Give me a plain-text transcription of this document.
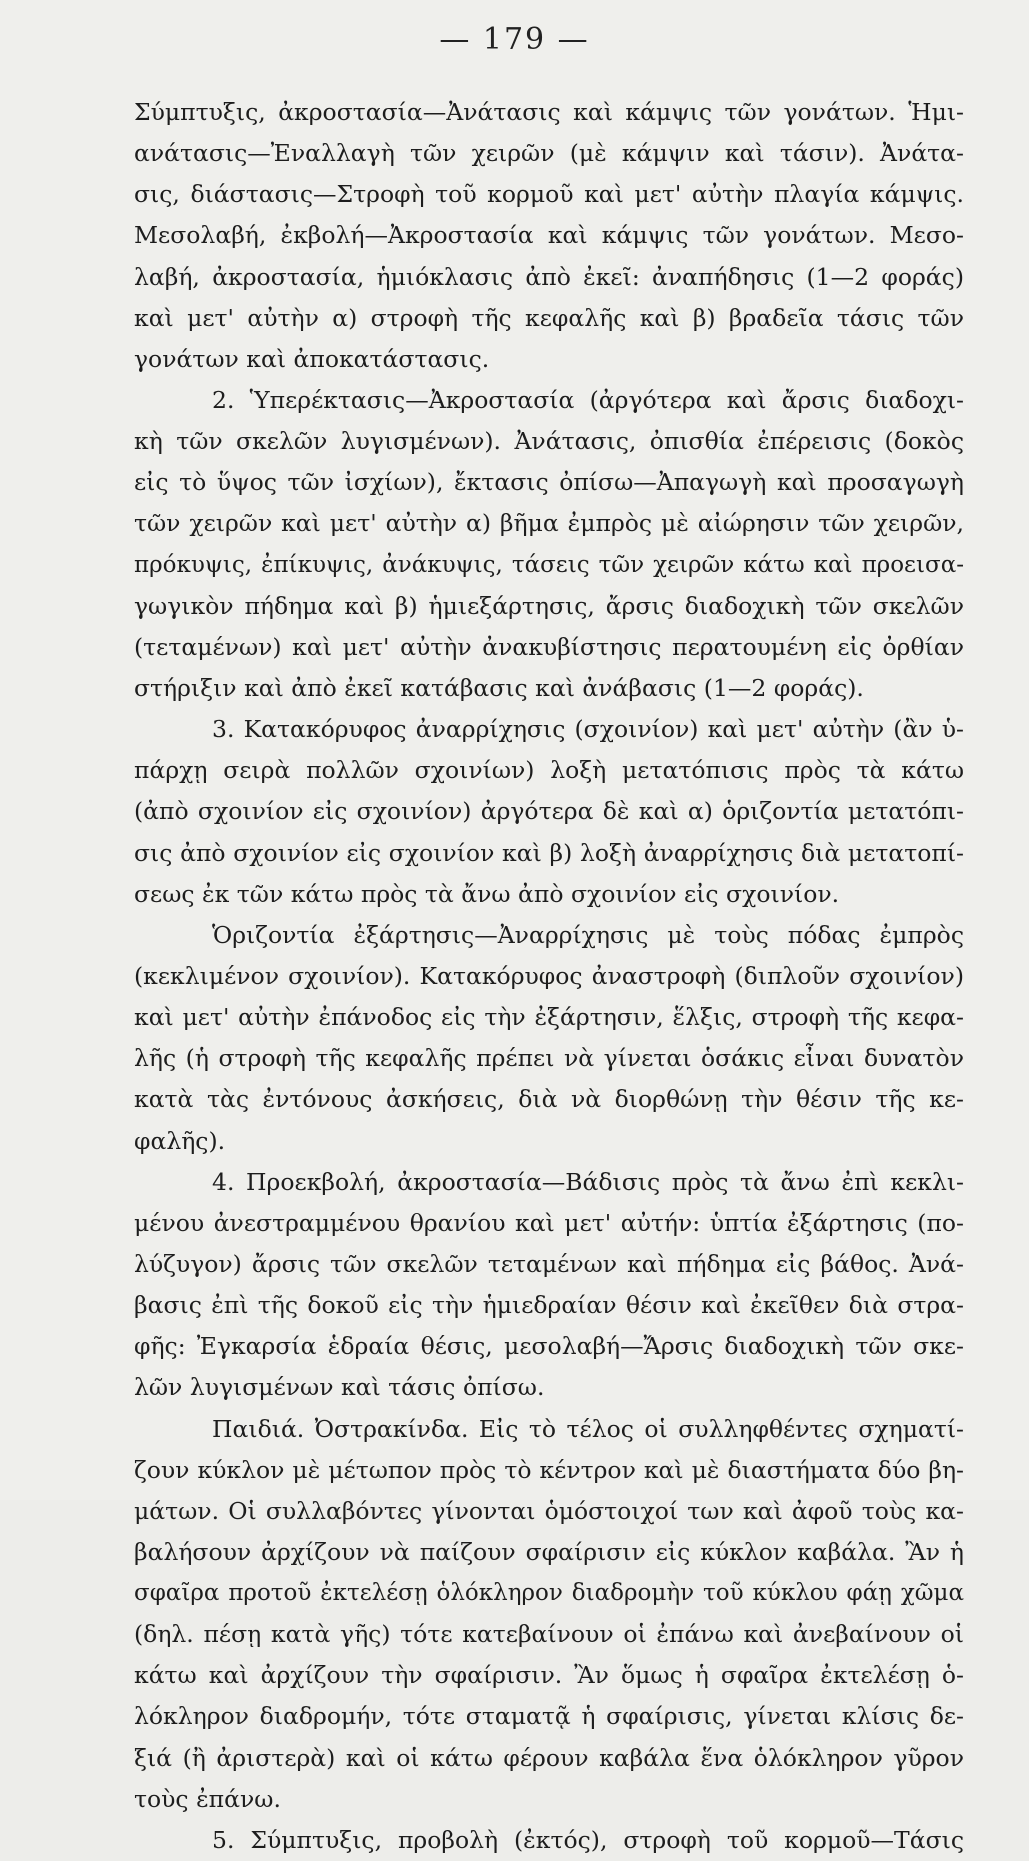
— 179 —
Σύμπτυξις, ἀκροστασία—Ἀνάτασις καὶ κάμψις τῶν γονάτων. Ἡμι-
ανάτασις—Ἐναλλαγὴ τῶν χειρῶν (μὲ κάμψιν καὶ τάσιν). Ἀνάτα-
σις, διάστασις—Στροφὴ τοῦ κορμοῦ καὶ μετ' αὐτὴν πλαγία κάμψις.
Μεσολαβή, ἐκβολή—Ἀκροστασία καὶ κάμψις τῶν γονάτων. Μεσο-
λαβή, ἀκροστασία, ἡμιόκλασις ἀπὸ ἐκεῖ: ἀναπήδησις (1—2 φοράς)
καὶ μετ' αὐτὴν α) στροφὴ τῆς κεφαλῆς καὶ β) βραδεῖα τάσις τῶν
γονάτων καὶ ἀποκατάστασις.
2. Ὑπερέκτασις—Ἀκροστασία (ἀργότερα καὶ ἄρσις διαδοχι-
κὴ τῶν σκελῶν λυγισμένων). Ἀνάτασις, ὀπισθία ἐπέρεισις (δοκὸς
εἰς τὸ ὕψος τῶν ἰσχίων), ἔκτασις ὀπίσω—Ἀπαγωγὴ καὶ προσαγωγὴ
τῶν χειρῶν καὶ μετ' αὐτὴν α) βῆμα ἐμπρὸς μὲ αἰώρησιν τῶν χειρῶν,
πρόκυψις, ἐπίκυψις, ἀνάκυψις, τάσεις τῶν χειρῶν κάτω καὶ προεισα-
γωγικὸν πήδημα καὶ β) ἡμιεξάρτησις, ἄρσις διαδοχικὴ τῶν σκελῶν
(τεταμένων) καὶ μετ' αὐτὴν ἀνακυβίστησις περατουμένη εἰς ὀρθίαν
στήριξιν καὶ ἀπὸ ἐκεῖ κατάβασις καὶ ἀνάβασις (1—2 φοράς).
3. Κατακόρυφος ἀναρρίχησις (σχοινίον) καὶ μετ' αὐτὴν (ἂν ὑ-
πάρχῃ σειρὰ πολλῶν σχοινίων) λοξὴ μετατόπισις πρὸς τὰ κάτω
(ἀπὸ σχοινίον εἰς σχοινίον) ἀργότερα δὲ καὶ α) ὁριζοντία μετατόπι-
σις ἀπὸ σχοινίον εἰς σχοινίον καὶ β) λοξὴ ἀναρρίχησις διὰ μετατοπί-
σεως ἐκ τῶν κάτω πρὸς τὰ ἄνω ἀπὸ σχοινίον εἰς σχοινίον.
Ὁριζοντία ἐξάρτησις—Ἀναρρίχησις μὲ τοὺς πόδας ἐμπρὸς
(κεκλιμένον σχοινίον). Κατακόρυφος ἀναστροφὴ (διπλοῦν σχοινίον)
καὶ μετ' αὐτὴν ἐπάνοδος εἰς τὴν ἐξάρτησιν, ἕλξις, στροφὴ τῆς κεφα-
λῆς (ἡ στροφὴ τῆς κεφαλῆς πρέπει νὰ γίνεται ὁσάκις εἶναι δυνατὸν
κατὰ τὰς ἐντόνους ἀσκήσεις, διὰ νὰ διορθώνῃ τὴν θέσιν τῆς κε-
φαλῆς).
4. Προεκβολή, ἀκροστασία—Βάδισις πρὸς τὰ ἄνω ἐπὶ κεκλι-
μένου ἀνεστραμμένου θρανίου καὶ μετ' αὐτήν: ὑπτία ἐξάρτησις (πο-
λύζυγον) ἄρσις τῶν σκελῶν τεταμένων καὶ πήδημα εἰς βάθος. Ἀνά-
βασις ἐπὶ τῆς δοκοῦ εἰς τὴν ἡμιεδραίαν θέσιν καὶ ἐκεῖθεν διὰ στρα-
φῆς: Ἐγκαρσία ἑδραία θέσις, μεσολαβή—Ἄρσις διαδοχικὴ τῶν σκε-
λῶν λυγισμένων καὶ τάσις ὀπίσω.
Παιδιά. Ὀστρακίνδα. Εἰς τὸ τέλος οἱ συλληφθέντες σχηματί-
ζουν κύκλον μὲ μέτωπον πρὸς τὸ κέντρον καὶ μὲ διαστήματα δύο βη-
μάτων. Οἱ συλλαβόντες γίνονται ὁμόστοιχοί των καὶ ἀφοῦ τοὺς κα-
βαλήσουν ἀρχίζουν νὰ παίζουν σφαίρισιν εἰς κύκλον καβάλα. Ἂν ἡ
σφαῖρα προτοῦ ἐκτελέσῃ ὁλόκληρον διαδρομὴν τοῦ κύκλου φάῃ χῶμα
(δηλ. πέσῃ κατὰ γῆς) τότε κατεβαίνουν οἱ ἐπάνω καὶ ἀνεβαίνουν οἱ
κάτω καὶ ἀρχίζουν τὴν σφαίρισιν. Ἂν ὅμως ἡ σφαῖρα ἐκτελέσῃ ὁ-
λόκληρον διαδρομήν, τότε σταματᾷ ἡ σφαίρισις, γίνεται κλίσις δε-
ξιά (ἢ ἀριστερὰ) καὶ οἱ κάτω φέρουν καβάλα ἕνα ὁλόκληρον γῦρον
τοὺς ἐπάνω.
5. Σύμπτυξις, προβολὴ (ἐκτός), στροφὴ τοῦ κορμοῦ—Τάσις
